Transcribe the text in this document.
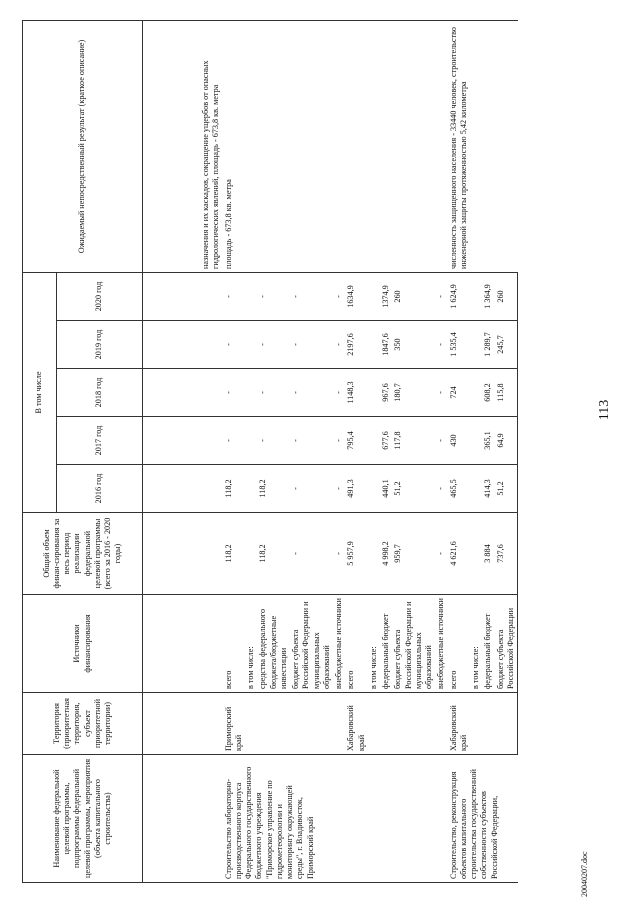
113
20040207.doc
Наименование федеральной целевой программы, подпрограммы федеральной целевой программы, мероприятия (объекта капитального строительства)	Территория (приоритетная территория, субъект приоритетной территории)	Источники финансирования	Общий объем финан-сирования за весь период реализации федеральной целевой программы (всего за 2016 - 2020 годы)	В том числе					Ожидаемый непосредственный результат (краткое описание)
				2016 год	2017 год	2018 год	2019 год	2020 год	
									назначения и их каскадов, сокращение ущербов от опасных гидрологических явлений, площадь - 673,8 кв. метра
Строительство лабораторно-производственного корпуса Федерального государственного бюджетного учреждения "Приморское управление по гидрометеорологии и мониторингу окружающей среды", г. Владивосток, Приморский край	Приморский край	всего	118,2	118,2	-	-	-	-	площадь - 673,8 кв. метра
		в том числе:							
		средства федерального бюджета/бюджетные инвестиции	118,2	118,2	-	-	-	-	
		бюджет субъекта Российской Федерации и муниципальных образований	-	-	-	-	-	-	
		внебюджетные источники	-	-	-	-	-	-	
	Хабаровский край	всего	5 957,9	491,3	795,4	1148,3	2197,6	1634,9	
		в том числе:							
		федеральный бюджет	4 998,2	440,1	677,6	967,6	1847,6	1374,9	
		бюджет субъекта Российской Федерации и муниципальных образований	959,7	51,2	117,8	180,7	350	260	
		внебюджетные источники	-	-	-	-	-	-	
Строительство, реконструкция объектов капитального строительства государственной собственности субъектов Российской Федерации,	Хабаровский край	всего	4 621,6	465,5	430	724	1 535,4	1 624,9	численность защищенного населения - 33440 человек, строительство инженерной защиты протяженностью 5,42 километра
		в том числе:							
		федеральный бюджет	3 884	414,3	365,1	608,2	1 289,7	1 364,9	
		бюджет субъекта Российской Федерации	737,6	51,2	64,9	115,8	245,7	260	
